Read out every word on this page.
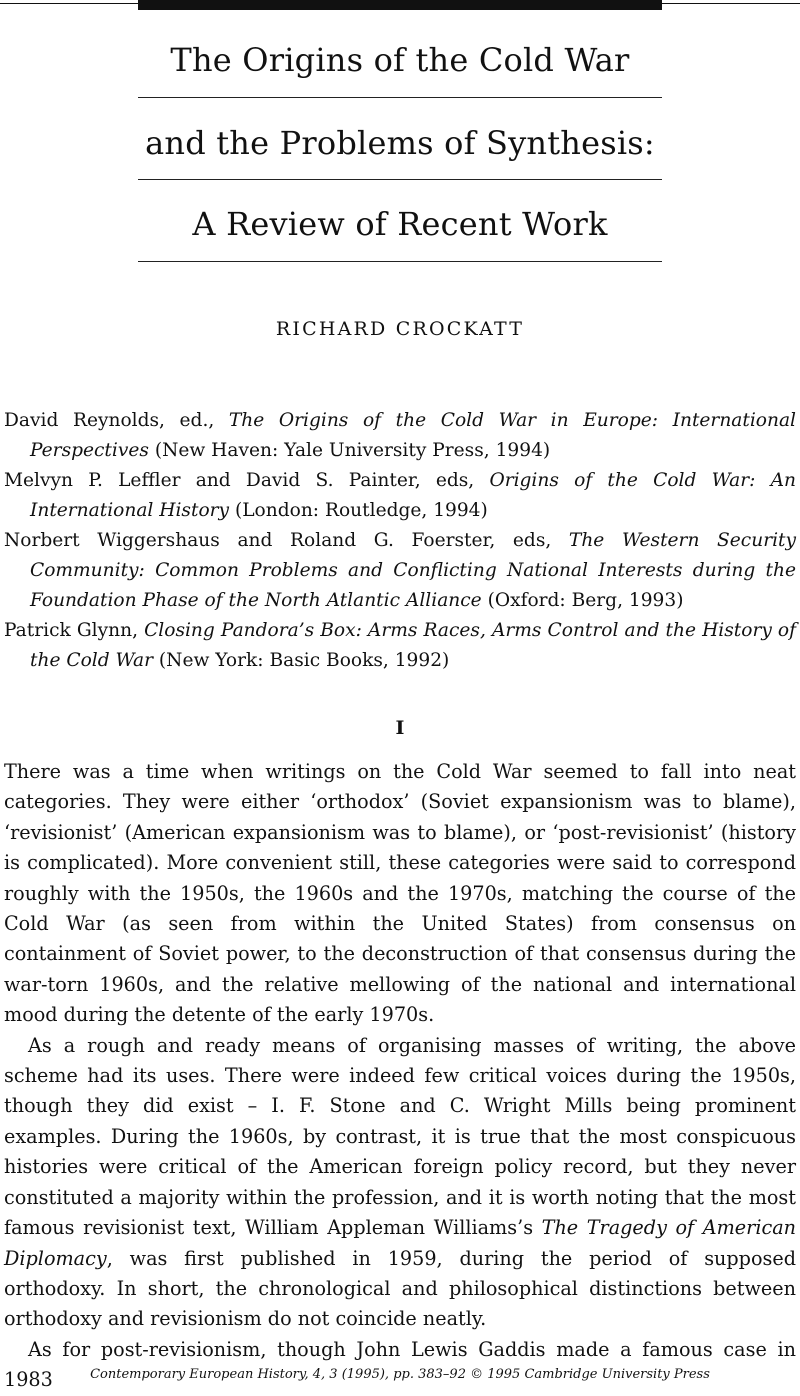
The Origins of the Cold War
and the Problems of Synthesis:
A Review of Recent Work
RICHARD CROCKATT
David Reynolds, ed., The Origins of the Cold War in Europe: International Perspectives (New Haven: Yale University Press, 1994)
Melvyn P. Leffler and David S. Painter, eds, Origins of the Cold War: An International History (London: Routledge, 1994)
Norbert Wiggershaus and Roland G. Foerster, eds, The Western Security Community: Common Problems and Conflicting National Interests during the Foundation Phase of the North Atlantic Alliance (Oxford: Berg, 1993)
Patrick Glynn, Closing Pandora’s Box: Arms Races, Arms Control and the History of the Cold War (New York: Basic Books, 1992)
I

There was a time when writings on the Cold War seemed to fall into neat categories. They were either ‘orthodox’ (Soviet expansionism was to blame), ‘revisionist’ (American expansionism was to blame), or ‘post-revisionist’ (history is complicated). More convenient still, these categories were said to correspond roughly with the 1950s, the 1960s and the 1970s, matching the course of the Cold War (as seen from within the United States) from consensus on containment of Soviet power, to the deconstruction of that consensus during the war-torn 1960s, and the relative mellowing of the national and international mood during the detente of the early 1970s.

As a rough and ready means of organising masses of writing, the above scheme had its uses. There were indeed few critical voices during the 1950s, though they did exist – I. F. Stone and C. Wright Mills being prominent examples. During the 1960s, by contrast, it is true that the most conspicuous histories were critical of the American foreign policy record, but they never constituted a majority within the profession, and it is worth noting that the most famous revisionist text, William Appleman Williams’s The Tragedy of American Diplomacy, was first published in 1959, during the period of supposed orthodoxy. In short, the chronological and philosophical distinctions between orthodoxy and revisionism do not coincide neatly.

As for post-revisionism, though John Lewis Gaddis made a famous case in 1983	Contemporary European History, 4, 3 (1995), pp. 383–92 © 1995 Cambridge University Press
